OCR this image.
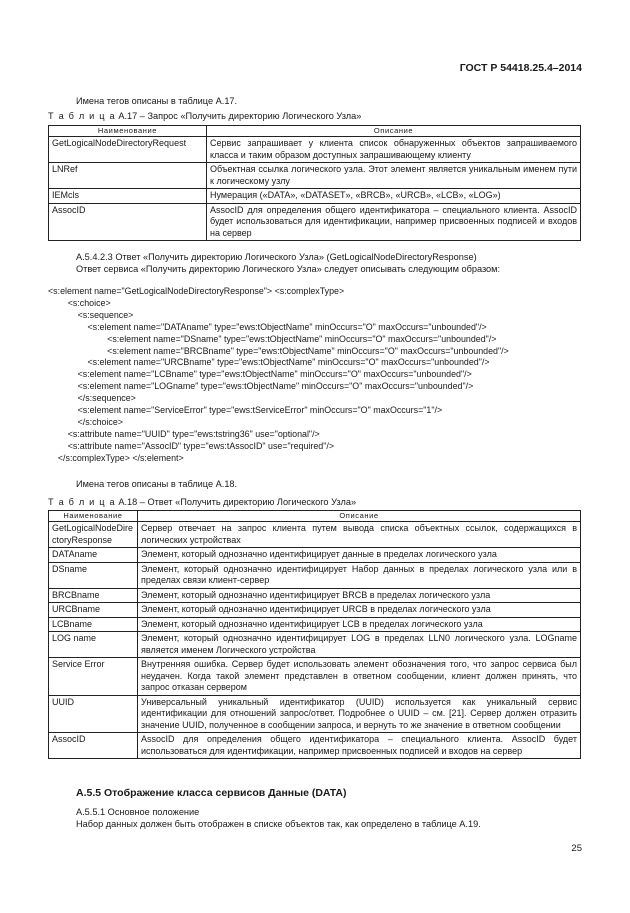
ГОСТ Р 54418.25.4–2014
Имена тегов описаны в таблице А.17.
Т а б л и ц а А.17 – Запрос «Получить директорию Логического Узла»
Наименование	Описание
GetLogicalNodeDirectoryRequest	Сервис запрашивает у клиента список обнаруженных объектов запрашиваемого класса и таким образом доступных запрашивающему клиенту
LNRef	Объектная ссылка логического узла. Этот элемент является уникальным имeнем пути к логическому узлу
IEMcls	Нумерация («DATA», «DATASET», «BRCB», «URCB», «LCB», «LOG»)
AssocID	AssocID для определения общего идентификатора – специального клиента. AssocID будет использоваться для идентификации, например присвоенных подписей и входов на сервер
А.5.4.2.3 Ответ «Получить директорию Логического Узла» (GetLogicalNodeDirectoryResponse)
Ответ сервиса «Получить директорию Логического Узла» следует описывать следующим образом:
<s:element name="GetLogicalNodeDirectoryResponse"> <s:complexType>
<s:choice>
<s:sequence>
<s:element name="DATAname" type="ews:tObjectName" minOccurs="O" maxOccurs="unbounded"/>
<s:element name="DSname" type="ews:tObjectName" minOccurs="O" maxOccurs="unbounded"/>
<s:element name="BRCBname" type="ews:tObjectName" minOccurs="O" maxOccurs="unbounded"/>
<s:element name="URCBname" type="ews:tObjectName" minOccurs="O" maxOccurs="unbounded"/>
<s:element name="LCBname" type="ews:tObjectName" minOccurs="O" maxOccurs="unbounded"/>
<s:element name="LOGname" type="ews:tObjectName" minOccurs="O" maxOccurs="unbounded"/>
</s:sequence>
<s:element name="ServiceError" type="ews:tServiceError" minOccurs="O" maxOccurs="1"/>
</s:choice>
<s:attribute name="UUID" type="ews:tstring36" use="optional"/>
<s:attribute name="AssocID" type="ews:tAssocID" use="required"/>
</s:complexType> </s:element>
Имена тегов описаны в таблице А.18.
Т а б л и ц а А.18 – Ответ «Получить директорию Логического Узла»
Наименование	Описание
GetLogicalNodeDirectoryResponse	Сервер отвечает на запрос клиента путем вывода списка объектных ссылок, содержащихся в логических устройствах
DATAname	Элемент, который однозначно идентифицирует данные в пределах логического узла
DSname	Элемент, который однозначно идентифицирует Набор данных в пределах логического узла или в пределах связи клиент-сервер
BRCBname	Элемент, который однозначно идентифицирует BRCB в пределах логического узла
URCBname	Элемент, который однозначно идентифицирует URCB в пределах логического узла
LCBname	Элемент, который однозначно идентифицирует LCB в пределах логического узла
LOG name	Элемент, который однозначно идентифицирует LOG в пределах LLN0 логического узла. LOGname является именем Логического устройства
Service Error	Внутренняя ошибка. Сервер будет использовать элемент обозначения того, что запрос сервиса был неудачен. Когда такой элемент представлен в ответном сообщении, клиент должен принять, что запрос отказан сервером
UUID	Универсальный уникальный идентификатор (UUID) используется как уникальный сервис идентификации для отношений запрос/ответ. Подробнее о UUID – см. [21]. Сервер должен отразить значение UUID, полученное в сообщении запроса, и вернуть то же значение в ответном сообщении
AssocID	AssocID для определения общего идентификатора – специального клиента. AssocID будет использоваться для идентификации, например присвоенных подписей и входов на сервер
А.5.5 Отображение класса сервисов Данные (DATA)
А.5.5.1 Основное положение
Набор данных должен быть отображен в списке объектов так, как определено в таблице А.19.
25
